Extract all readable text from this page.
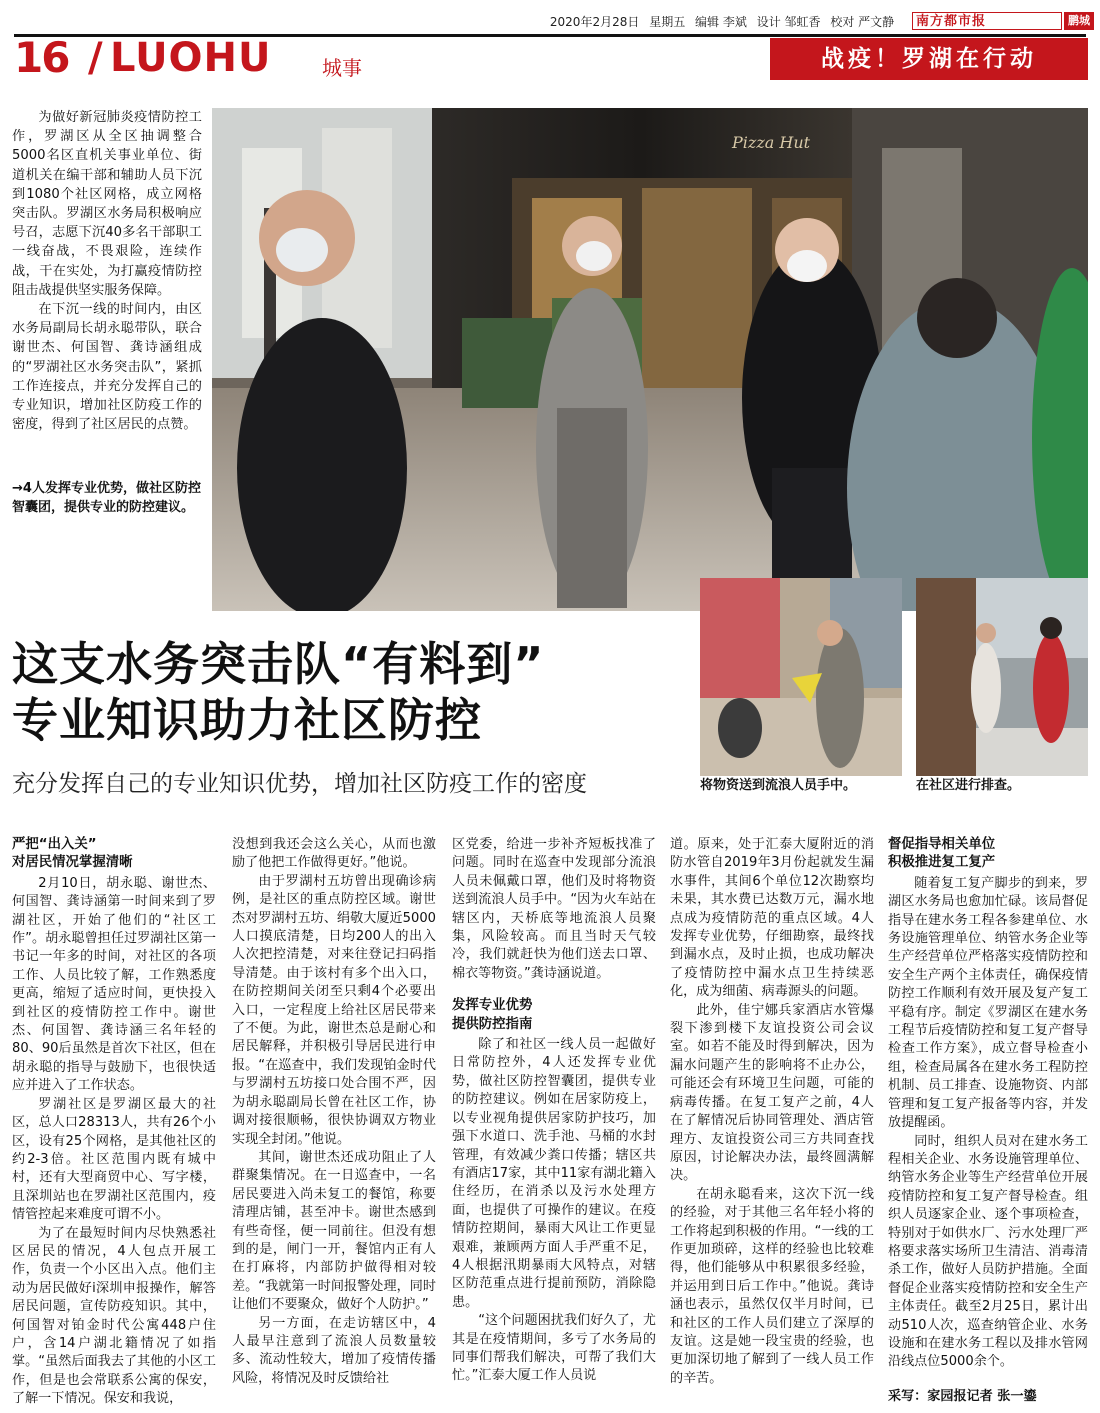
2020年2月28日 星期五 编辑 李斌 设计 邹虹香 校对 严文静	南方都市报	鹏城
16 / LUOHU	城事	战疫！罗湖在行动
Pizza Hut

为做好新冠肺炎疫情防控工作，罗湖区从全区抽调整合5000名区直机关事业单位、街道机关在编干部和辅助人员下沉到1080个社区网格，成立网格突击队。罗湖区水务局积极响应号召，志愿下沉40多名干部职工一线奋战，不畏艰险，连续作战，干在实处，为打赢疫情防控阻击战提供坚实服务保障。

在下沉一线的时间内，由区水务局副局长胡永聪带队，联合谢世杰、何国智、龚诗涵组成的“罗湖社区水务突击队”，紧抓工作连接点，并充分发挥自己的专业知识，增加社区防疫工作的密度，得到了社区居民的点赞。

→4人发挥专业优势，做社区防控智囊团，提供专业的防控建议。
这支水务突击队“有料到”
专业知识助力社区防控
充分发挥自己的专业知识优势，增加社区防疫工作的密度	将物资送到流浪人员手中。	在社区进行排查。
严把“出入关”
对居民情况掌握清晰

2月10日，胡永聪、谢世杰、何国智、龚诗涵第一时间来到了罗湖社区，开始了他们的“社区工作”。胡永聪曾担任过罗湖社区第一书记一年多的时间，对社区的各项工作、人员比较了解，工作熟悉度更高，缩短了适应时间，更快投入到社区的疫情防控工作中。谢世杰、何国智、龚诗涵三名年轻的80、90后虽然是首次下社区，但在胡永聪的指导与鼓励下，也很快适应并进入了工作状态。

罗湖社区是罗湖区最大的社区，总人口28313人，共有26个小区，设有25个网格，是其他社区的约2-3倍。社区范围内既有城中村，还有大型商贸中心、写字楼，且深圳站也在罗湖社区范围内，疫情管控起来难度可谓不小。

为了在最短时间内尽快熟悉社区居民的情况，4人包点开展工作，负责一个小区出入点。他们主动为居民做好i深圳申报操作，解答居民问题，宣传防疫知识。其中，何国智对铂金时代公寓448户住户，含14户湖北籍情况了如指掌。“虽然后面我去了其他的小区工作，但是也会常联系公寓的保安，了解一下情况。保安和我说，

没想到我还会这么关心，从而也激励了他把工作做得更好。”他说。

由于罗湖村五坊曾出现确诊病例，是社区的重点防控区域。谢世杰对罗湖村五坊、绢敬大厦近5000人口摸底清楚，日均200人的出入人次把控清楚，对来往登记扫码指导清楚。由于该村有多个出入口，在防控期间关闭至只剩4个必要出入口，一定程度上给社区居民带来了不便。为此，谢世杰总是耐心和居民解释，并积极引导居民进行申报。“在巡查中，我们发现铂金时代与罗湖村五坊接口处合围不严，因为胡永聪副局长曾在社区工作，协调对接很顺畅，很快协调双方物业实现全封闭。”他说。

其间，谢世杰还成功阻止了人群聚集情况。在一日巡查中，一名居民要进入尚未复工的餐馆，称要清理店铺，甚至冲卡。谢世杰感到有些奇怪，便一同前往。但没有想到的是，闸门一开，餐馆内正有人在打麻将，内部防护做得相对较差。“我就第一时间报警处理，同时让他们不要聚众，做好个人防护。”

另一方面，在走访辖区中，4人最早注意到了流浪人员数量较多、流动性较大，增加了疫情传播风险，将情况及时反馈给社

区党委，给进一步补齐短板找准了问题。同时在巡查中发现部分流浪人员未佩戴口罩，他们及时将物资送到流浪人员手中。“因为火车站在辖区内，天桥底等地流浪人员聚集，风险较高。而且当时天气较冷，我们就赶快为他们送去口罩、棉衣等物资。”龚诗涵说道。

发挥专业优势
提供防控指南

除了和社区一线人员一起做好日常防控外，4人还发挥专业优势，做社区防控智囊团，提供专业的防控建议。例如在居家防疫上，以专业视角提供居家防护技巧，加强下水道口、洗手池、马桶的水封管理，有效减少粪口传播；辖区共有酒店17家，其中11家有湖北籍入住经历，在消杀以及污水处理方面，也提供了可操作的建议。在疫情防控期间，暴雨大风让工作更显艰难，兼顾两方面人手严重不足，4人根据汛期暴雨大风特点，对辖区防范重点进行提前预防，消除隐患。

“这个问题困扰我们好久了，尤其是在疫情期间，多亏了水务局的同事们帮我们解决，可帮了我们大忙。”汇泰大厦工作人员说

道。原来，处于汇泰大厦附近的消防水管自2019年3月份起就发生漏水事件，其间6个单位12次勘察均未果，其水费已达数万元，漏水地点成为疫情防范的重点区域。4人发挥专业优势，仔细勘察，最终找到漏水点，及时止损，也成功解决了疫情防控中漏水点卫生持续恶化，成为细菌、病毒源头的问题。

此外，佳宁娜兵家酒店水管爆裂下渗到楼下友谊投资公司会议室。如若不能及时得到解决，因为漏水问题产生的影响将不止办公，可能还会有环境卫生问题，可能的病毒传播。在复工复产之前，4人在了解情况后协同管理处、酒店管理方、友谊投资公司三方共同查找原因，讨论解决办法，最终圆满解决。

在胡永聪看来，这次下沉一线的经验，对于其他三名年轻小将的工作将起到积极的作用。“一线的工作更加琐碎，这样的经验也比较难得，他们能够从中积累很多经验，并运用到日后工作中。”他说。龚诗涵也表示，虽然仅仅半月时间，已和社区的工作人员们建立了深厚的友谊。这是她一段宝贵的经验，也更加深切地了解到了一线人员工作的辛苦。

督促指导相关单位
积极推进复工复产

随着复工复产脚步的到来，罗湖区水务局也愈加忙碌。该局督促指导在建水务工程各参建单位、水务设施管理单位、纳管水务企业等生产经营单位严格落实疫情防控和安全生产两个主体责任，确保疫情防控工作顺利有效开展及复产复工平稳有序。制定《罗湖区在建水务工程节后疫情防控和复工复产督导检查工作方案》，成立督导检查小组，检查局属各在建水务工程防控机制、员工排查、设施物资、内部管理和复工复产报备等内容，并发放提醒函。

同时，组织人员对在建水务工程相关企业、水务设施管理单位、纳管水务企业等生产经营单位开展疫情防控和复工复产督导检查。组织人员逐家企业、逐个事项检查，特别对于如供水厂、污水处理厂严格要求落实场所卫生清洁、消毒清杀工作，做好人员防护措施。全面督促企业落实疫情防控和安全生产主体责任。截至2月25日，累计出动510人次，巡查纳管企业、水务设施和在建水务工程以及排水管网沿线点位5000余个。

采写：家园报记者 张一鎏
